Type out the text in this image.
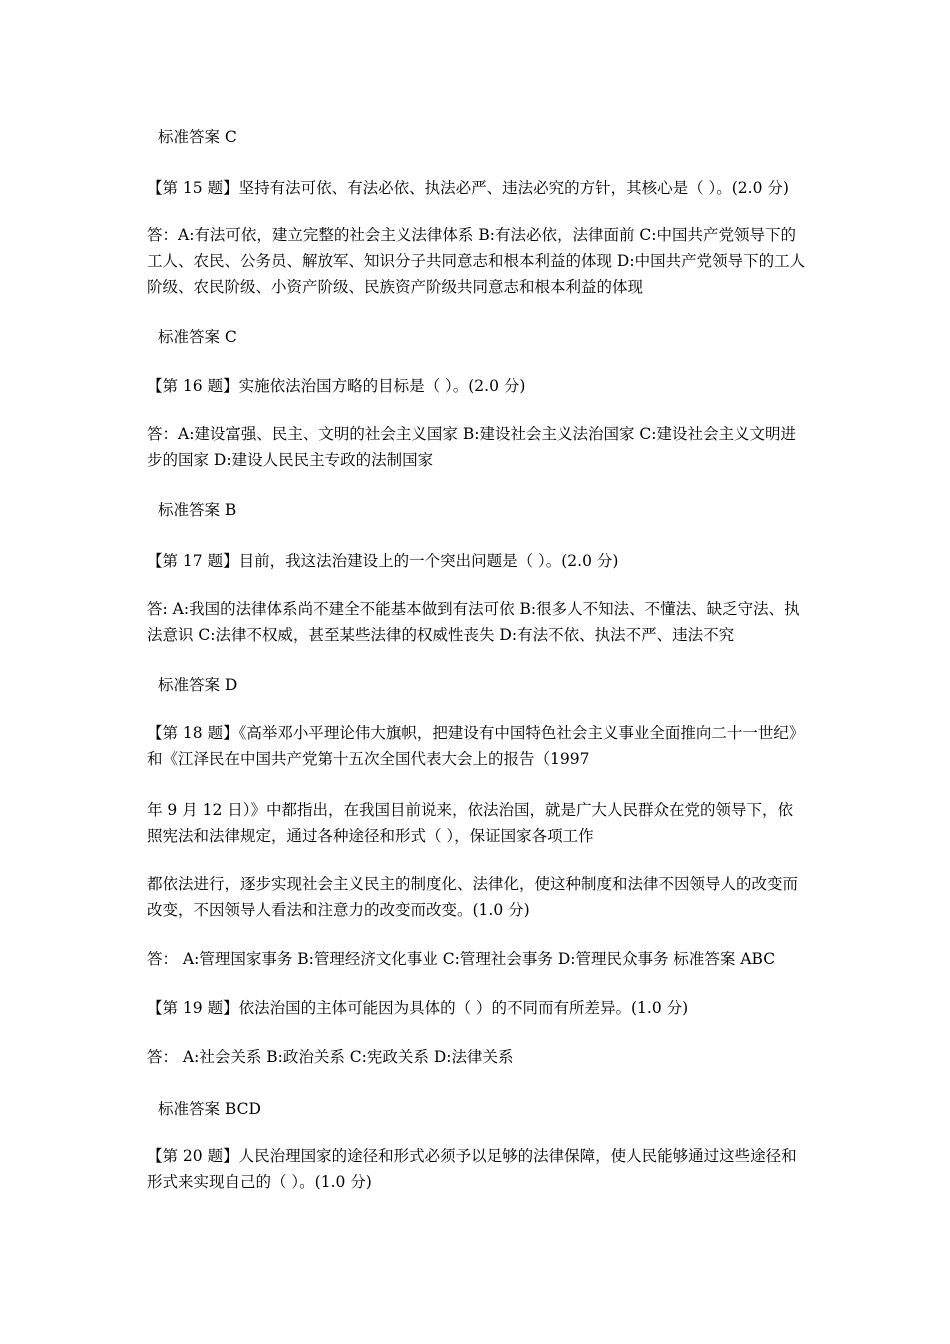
标准答案 C

【第 15 题】坚持有法可依、有法必依、执法必严、违法必究的方针，其核心是（ ）。(2.0 分)

答：A:有法可依，建立完整的社会主义法律体系 B:有法必依，法律面前 C:中国共产党领导下的工人、农民、公务员、解放军、知识分子共同意志和根本利益的体现 D:中国共产党领导下的工人阶级、农民阶级、小资产阶级、民族资产阶级共同意志和根本利益的体现

标准答案 C

【第 16 题】实施依法治国方略的目标是（ ）。(2.0 分)

答：A:建设富强、民主、文明的社会主义国家 B:建设社会主义法治国家 C:建设社会主义文明进步的国家 D:建设人民民主专政的法制国家

标准答案 B

【第 17 题】目前，我这法治建设上的一个突出问题是（ ）。(2.0 分)

答: A:我国的法律体系尚不建全不能基本做到有法可依 B:很多人不知法、不懂法、缺乏守法、执法意识 C:法律不权威，甚至某些法律的权威性丧失 D:有法不依、执法不严、违法不究

标准答案 D

【第 18 题】《高举邓小平理论伟大旗帜，把建设有中国特色社会主义事业全面推向二十一世纪》和《江泽民在中国共产党第十五次全国代表大会上的报告（1997

年 9 月 12 日）》中都指出，在我国目前说来，依法治国，就是广大人民群众在党的领导下，依照宪法和法律规定，通过各种途径和形式（ ），保证国家各项工作

都依法进行，逐步实现社会主义民主的制度化、法律化，使这种制度和法律不因领导人的改变而改变，不因领导人看法和注意力的改变而改变。(1.0 分)

答： A:管理国家事务 B:管理经济文化事业 C:管理社会事务 D:管理民众事务 标准答案 ABC

【第 19 题】依法治国的主体可能因为具体的（ ）的不同而有所差异。(1.0 分)

答： A:社会关系 B:政治关系 C:宪政关系 D:法律关系

标准答案 BCD

【第 20 题】人民治理国家的途径和形式必须予以足够的法律保障，使人民能够通过这些途径和形式来实现自己的（ ）。(1.0 分)
